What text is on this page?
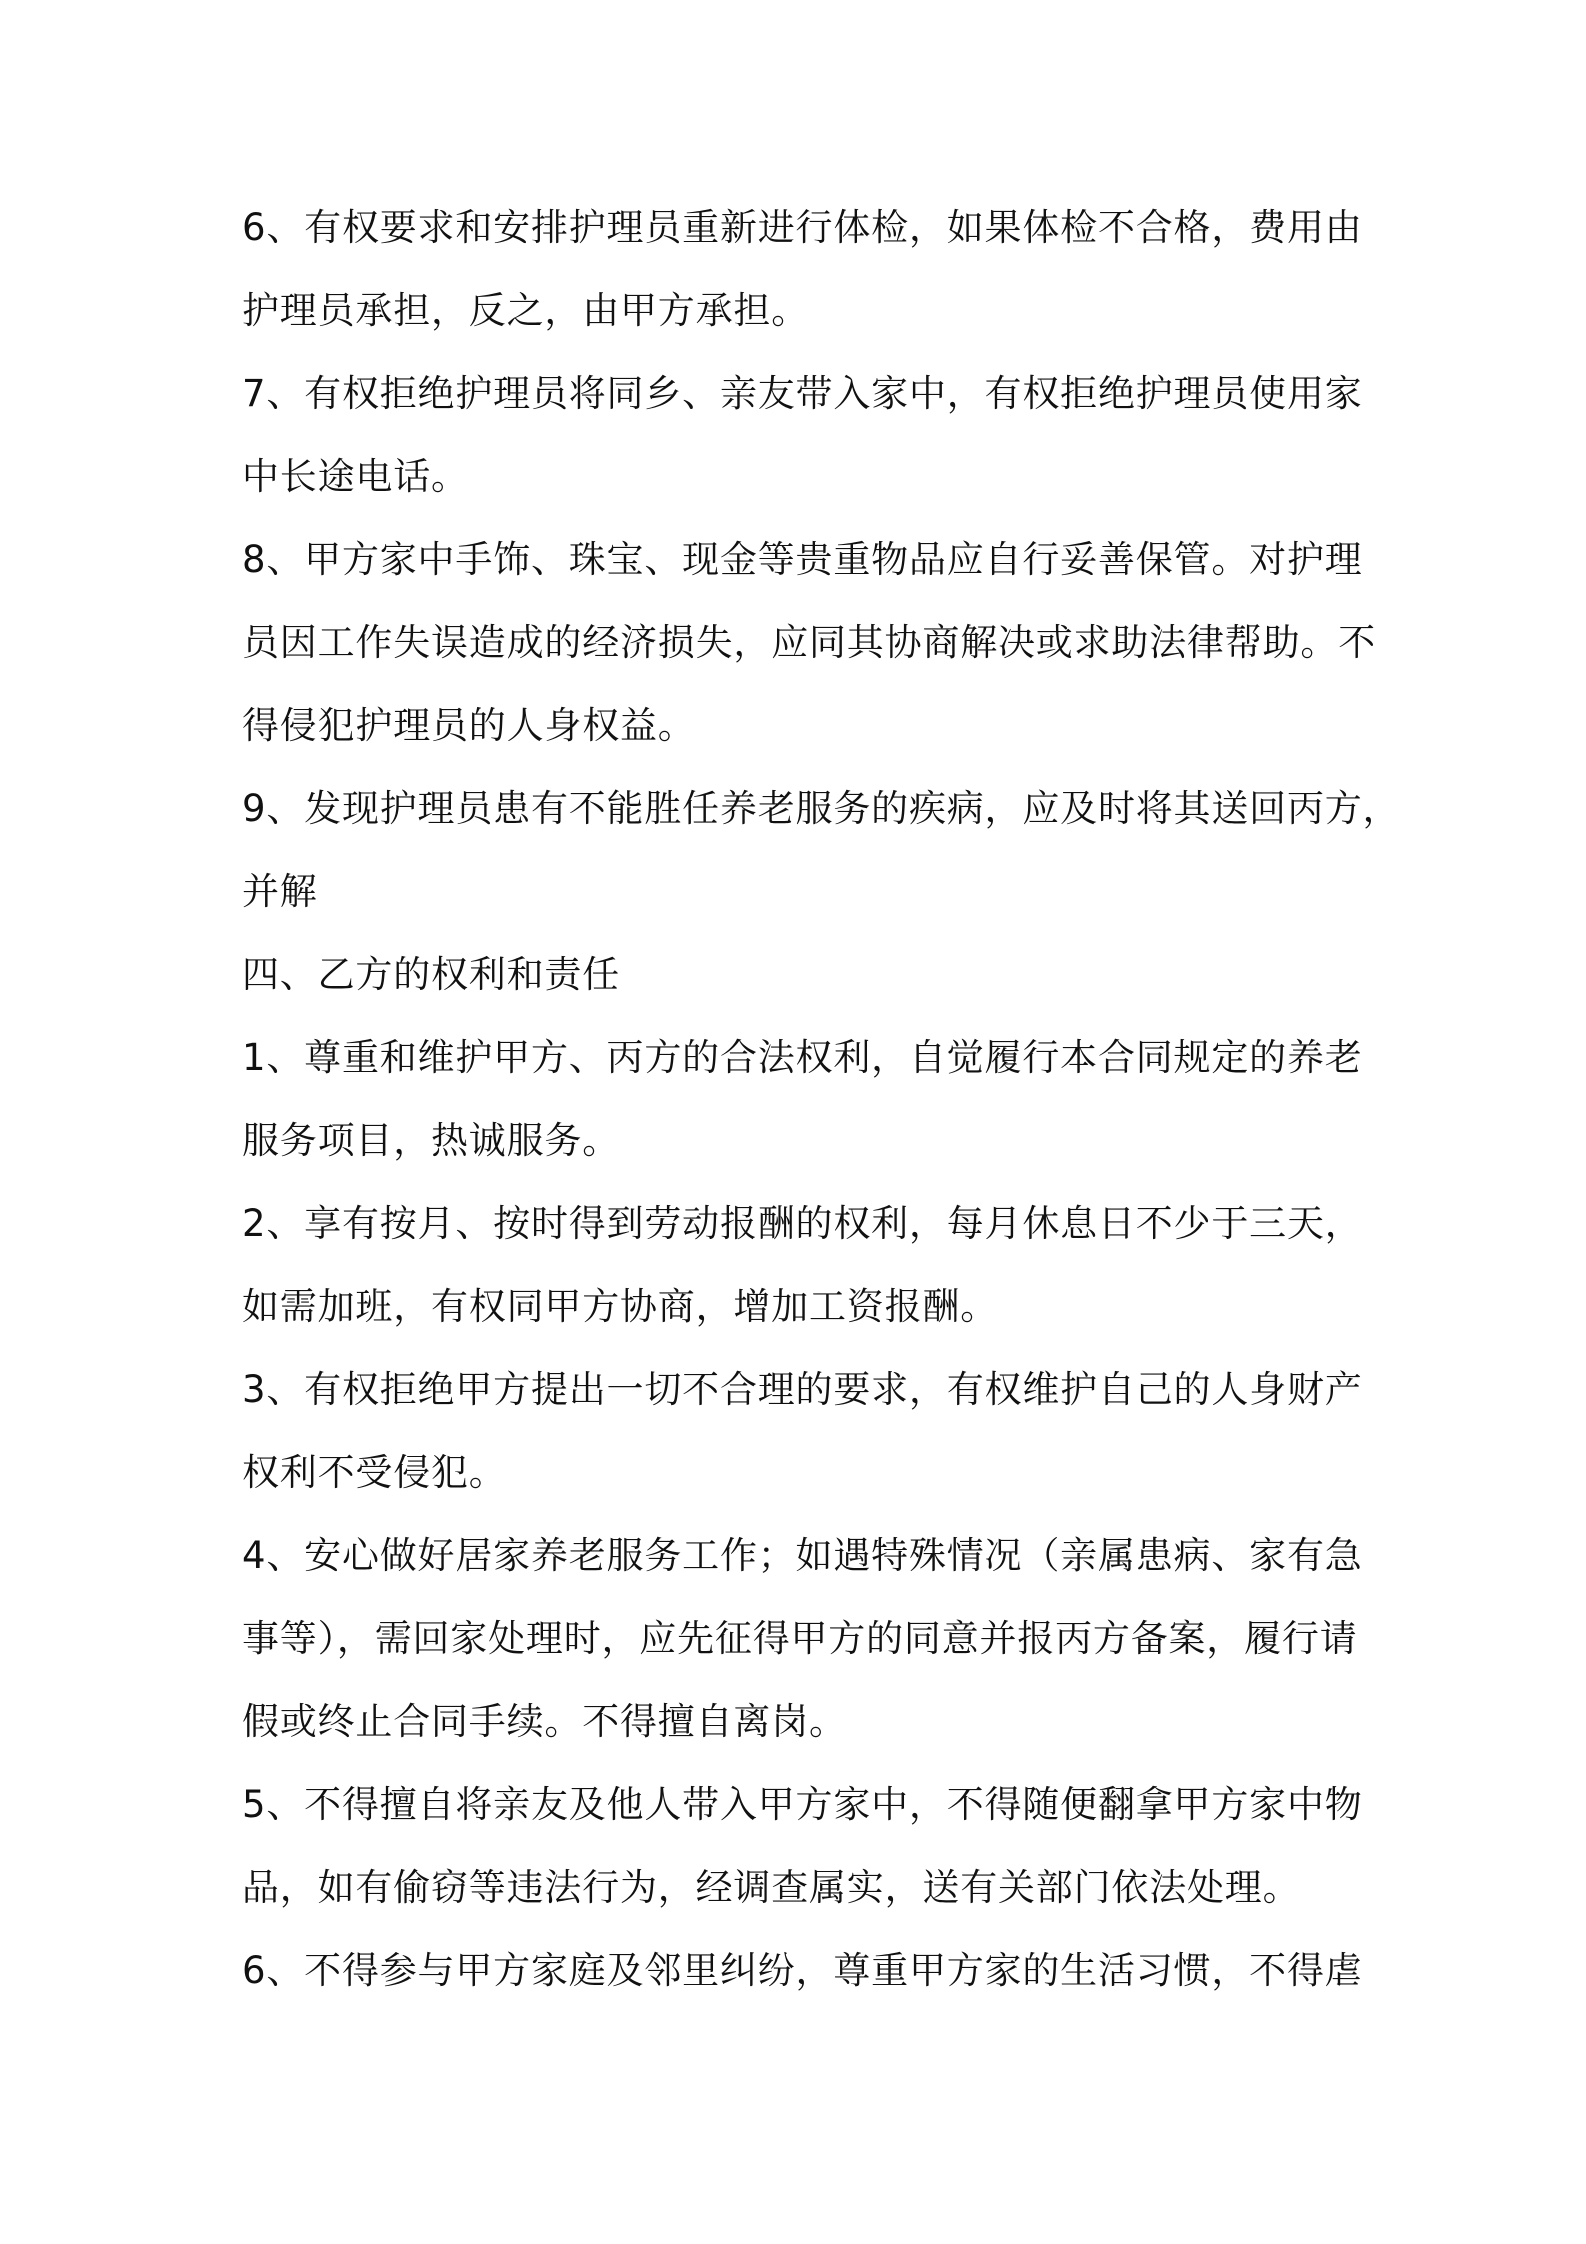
6、有权要求和安排护理员重新进行体检，如果体检不合格，费用由
护理员承担，反之，由甲方承担。
7、有权拒绝护理员将同乡、亲友带入家中，有权拒绝护理员使用家
中长途电话。
8、甲方家中手饰、珠宝、现金等贵重物品应自行妥善保管。对护理
员因工作失误造成的经济损失，应同其协商解决或求助法律帮助。不
得侵犯护理员的人身权益。
9、发现护理员患有不能胜任养老服务的疾病，应及时将其送回丙方，
并解
四、乙方的权利和责任
1、尊重和维护甲方、丙方的合法权利，自觉履行本合同规定的养老
服务项目，热诚服务。
2、享有按月、按时得到劳动报酬的权利，每月休息日不少于三天，
如需加班，有权同甲方协商，增加工资报酬。
3、有权拒绝甲方提出一切不合理的要求，有权维护自己的人身财产
权利不受侵犯。
4、安心做好居家养老服务工作；如遇特殊情况（亲属患病、家有急
事等），需回家处理时，应先征得甲方的同意并报丙方备案，履行请
假或终止合同手续。不得擅自离岗。
5、不得擅自将亲友及他人带入甲方家中，不得随便翻拿甲方家中物
品，如有偷窃等违法行为，经调查属实，送有关部门依法处理。
6、不得参与甲方家庭及邻里纠纷，尊重甲方家的生活习惯，不得虐
